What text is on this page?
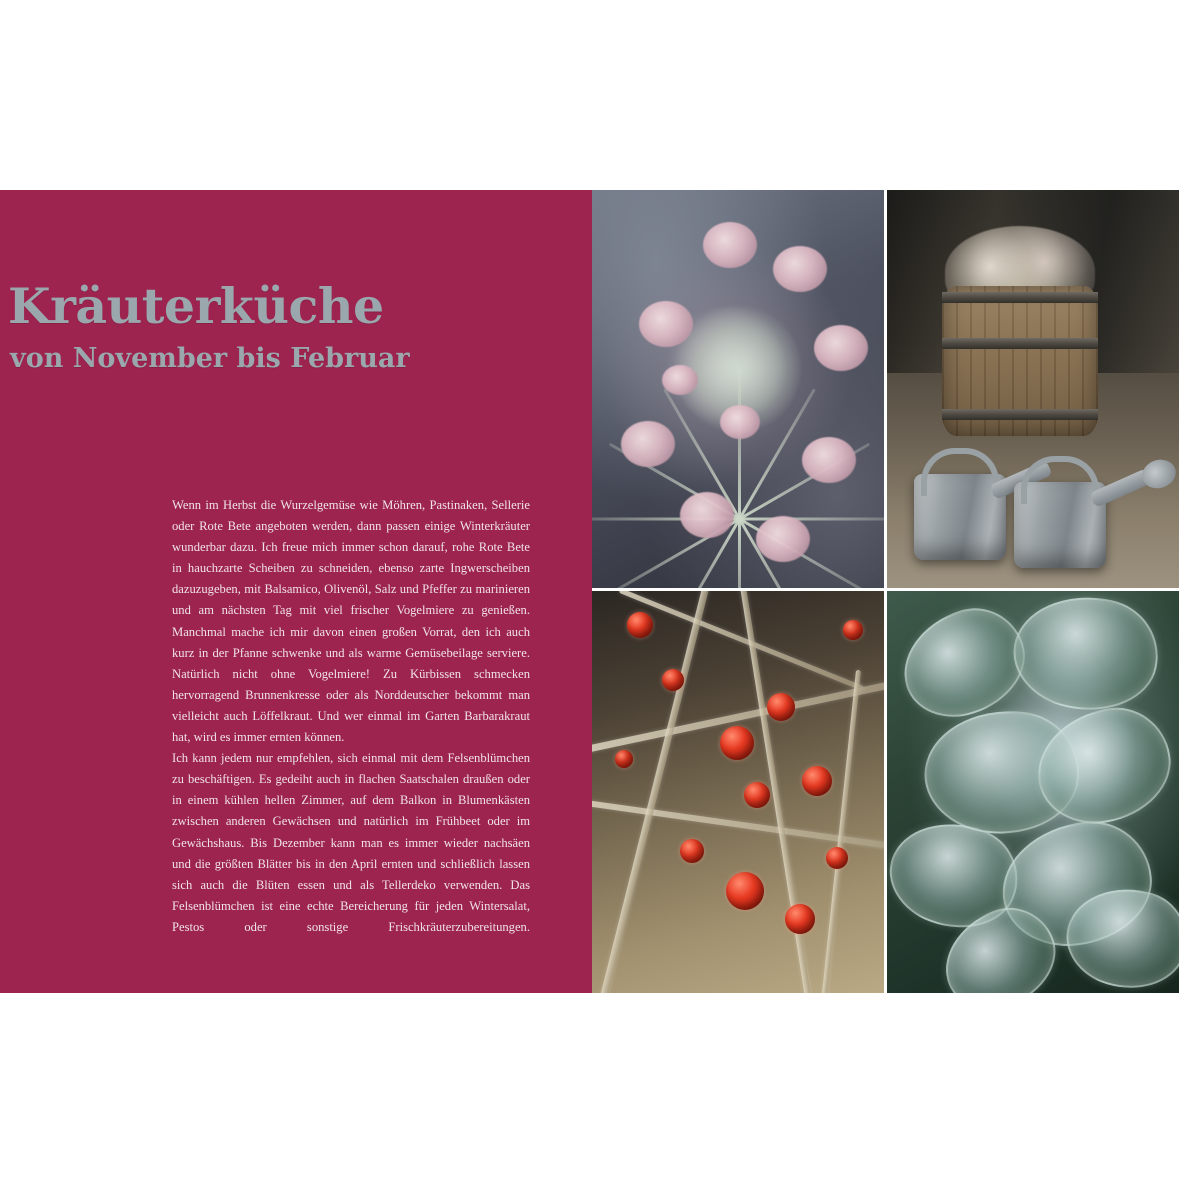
Kräuterküche
von November bis Februar

Wenn im Herbst die Wurzelgemüse wie Möhren, Pastinaken, Sellerie oder Rote Bete angeboten werden, dann passen einige Winterkräuter wunderbar dazu. Ich freue mich immer schon darauf, rohe Rote Bete in hauchzarte Scheiben zu schneiden, ebenso zarte Ingwerscheiben dazuzugeben, mit Balsamico, Olivenöl, Salz und Pfeffer zu marinieren und am nächsten Tag mit viel frischer Vogelmiere zu genießen. Manchmal mache ich mir davon einen großen Vorrat, den ich auch kurz in der Pfanne schwenke und als warme Gemüsebeilage serviere. Natürlich nicht ohne Vogelmiere! Zu Kürbissen schmecken hervorragend Brunnenkresse oder als Norddeutscher bekommt man vielleicht auch Löffelkraut. Und wer einmal im Garten Barbarakraut hat, wird es immer ernten können.

Ich kann jedem nur empfehlen, sich einmal mit dem Felsenblümchen zu beschäftigen. Es gedeiht auch in flachen Saatschalen draußen oder in einem kühlen hellen Zimmer, auf dem Balkon in Blumenkästen zwischen anderen Gewächsen und natürlich im Frühbeet oder im Gewächshaus. Bis Dezember kann man es immer wieder nachsäen und die größten Blätter bis in den April ernten und schließlich lassen sich auch die Blüten essen und als Tellerdeko verwenden. Das Felsenblümchen ist eine echte Bereicherung für jeden Wintersalat, Pestos oder sonstige Frischkräuterzubereitungen.
